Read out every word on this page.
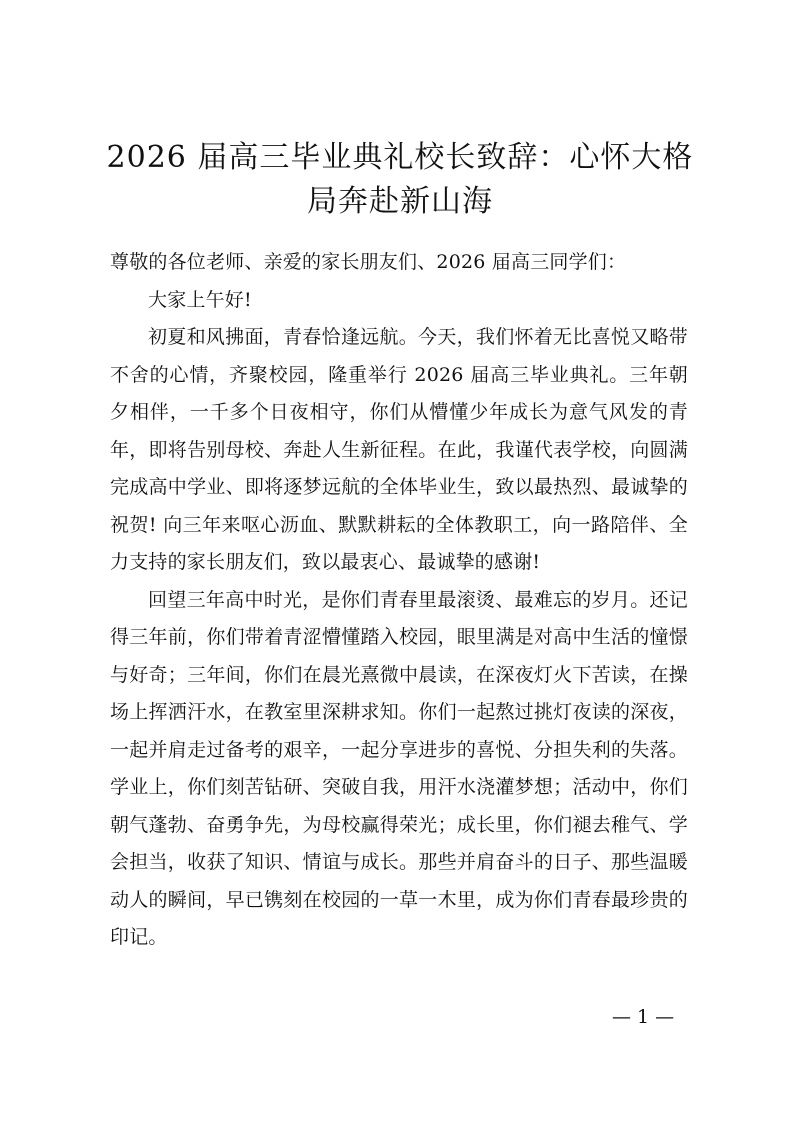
2026 届高三毕业典礼校长致辞：心怀大格
局奔赴新山海

尊敬的各位老师、亲爱的家长朋友们、2026 届高三同学们：

大家上午好!

初夏和风拂面，青春恰逢远航。今天，我们怀着无比喜悦又略带不舍的心情，齐聚校园，隆重举行 2026 届高三毕业典礼。三年朝夕相伴，一千多个日夜相守，你们从懵懂少年成长为意气风发的青年，即将告别母校、奔赴人生新征程。在此，我谨代表学校，向圆满完成高中学业、即将逐梦远航的全体毕业生，致以最热烈、最诚挚的祝贺! 向三年来呕心沥血、默默耕耘的全体教职工，向一路陪伴、全力支持的家长朋友们，致以最衷心、最诚挚的感谢!

回望三年高中时光，是你们青春里最滚烫、最难忘的岁月。还记得三年前，你们带着青涩懵懂踏入校园，眼里满是对高中生活的憧憬与好奇；三年间，你们在晨光熹微中晨读，在深夜灯火下苦读，在操场上挥洒汗水，在教室里深耕求知。你们一起熬过挑灯夜读的深夜，一起并肩走过备考的艰辛，一起分享进步的喜悦、分担失利的失落。学业上，你们刻苦钻研、突破自我，用汗水浇灌梦想；活动中，你们朝气蓬勃、奋勇争先，为母校赢得荣光；成长里，你们褪去稚气、学会担当，收获了知识、情谊与成长。那些并肩奋斗的日子、那些温暖动人的瞬间，早已镌刻在校园的一草一木里，成为你们青春最珍贵的印记。

— 1 —
